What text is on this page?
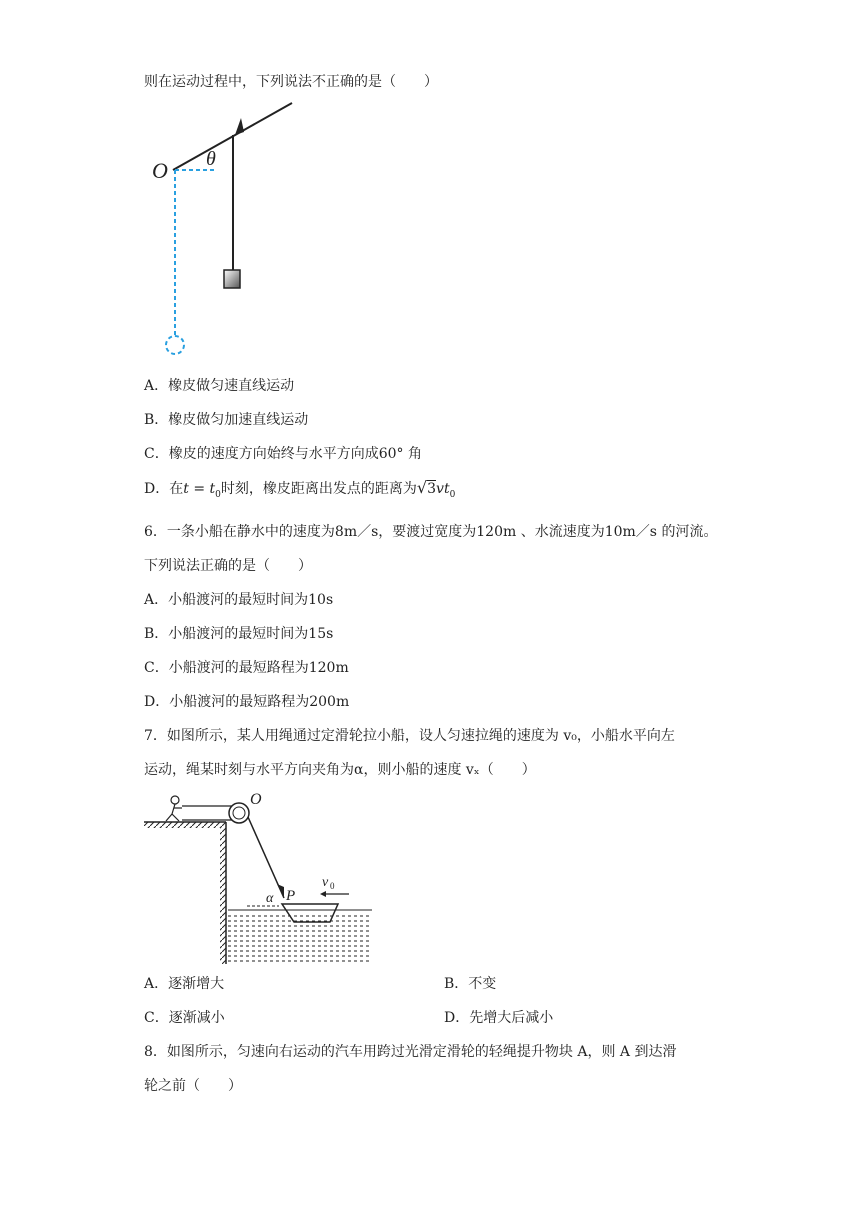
则在运动过程中，下列说法不正确的是（　　）
O θ
A．橡皮做匀速直线运动
B．橡皮做匀加速直线运动
C．橡皮的速度方向始终与水平方向成60° 角
D．在$t = t_0$时刻，橡皮距离出发点的距离为$√3vt_0$
6．一条小船在静水中的速度为8m／s，要渡过宽度为120m 、水流速度为10m／s 的河流。
下列说法正确的是（　　）
A．小船渡河的最短时间为10s
B．小船渡河的最短时间为15s
C．小船渡河的最短路程为120m
D．小船渡河的最短路程为200m
7．如图所示，某人用绳通过定滑轮拉小船，设人匀速拉绳的速度为 v₀，小船水平向左
运动，绳某时刻与水平方向夹角为α，则小船的速度 vₓ（　　）
O
α P
v 0
A．逐渐增大	B．不变
C．逐渐减小	D．先增大后减小
8．如图所示，匀速向右运动的汽车用跨过光滑定滑轮的轻绳提升物块 A，则 A 到达滑
轮之前（　　）
